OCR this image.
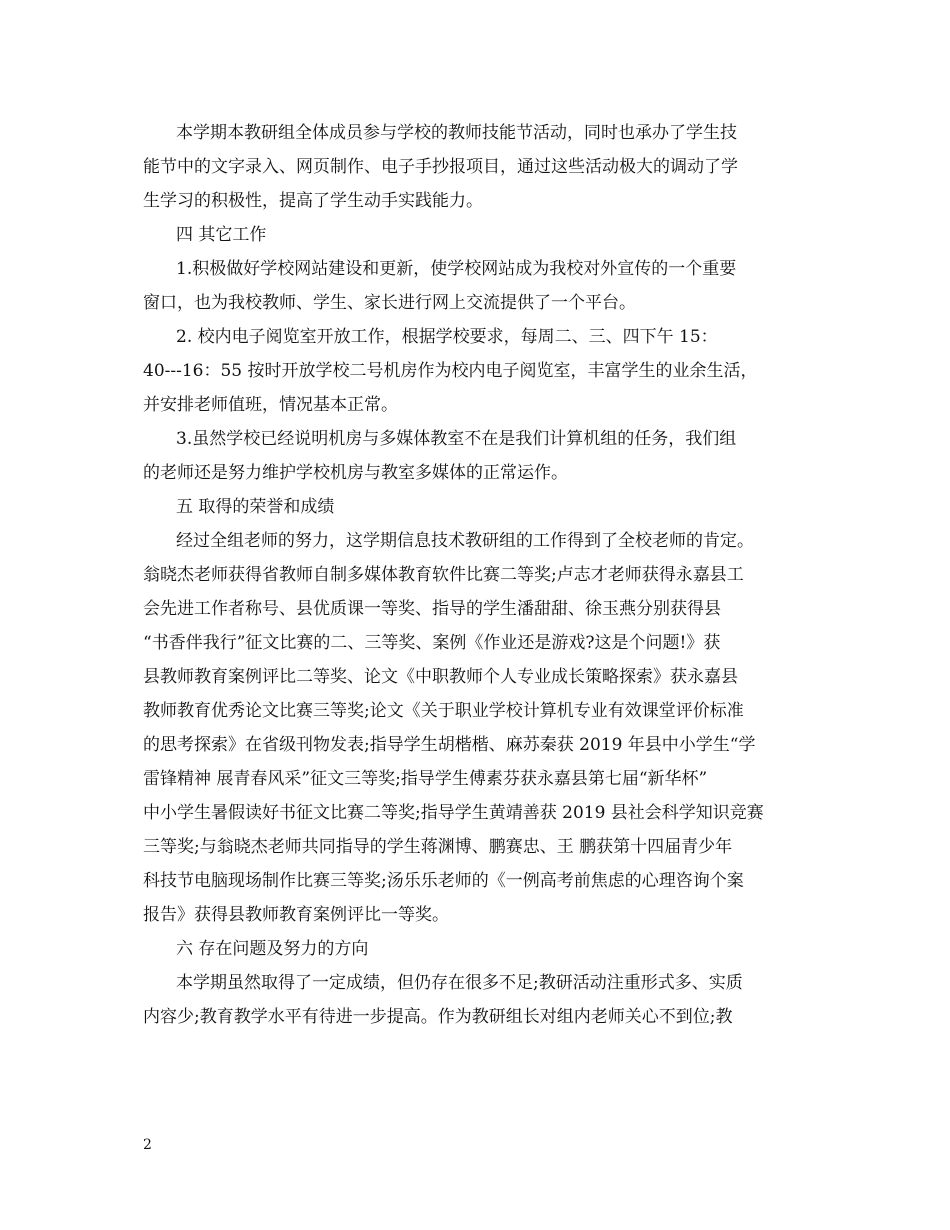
本学期本教研组全体成员参与学校的教师技能节活动，同时也承办了学生技
能节中的文字录入、网页制作、电子手抄报项目，通过这些活动极大的调动了学
生学习的积极性，提高了学生动手实践能力。
四 其它工作
1.积极做好学校网站建设和更新，使学校网站成为我校对外宣传的一个重要
窗口，也为我校教师、学生、家长进行网上交流提供了一个平台。
2. 校内电子阅览室开放工作，根据学校要求，每周二、三、四下午 15：
40---16：55 按时开放学校二号机房作为校内电子阅览室，丰富学生的业余生活，
并安排老师值班，情况基本正常。
3.虽然学校已经说明机房与多媒体教室不在是我们计算机组的任务，我们组
的老师还是努力维护学校机房与教室多媒体的正常运作。
五 取得的荣誉和成绩
经过全组老师的努力，这学期信息技术教研组的工作得到了全校老师的肯定。
翁晓杰老师获得省教师自制多媒体教育软件比赛二等奖;卢志才老师获得永嘉县工
会先进工作者称号、县优质课一等奖、指导的学生潘甜甜、徐玉燕分别获得县
“书香伴我行”征文比赛的二、三等奖、案例《作业还是游戏?这是个问题!》获
县教师教育案例评比二等奖、论文《中职教师个人专业成长策略探索》获永嘉县
教师教育优秀论文比赛三等奖;论文《关于职业学校计算机专业有效课堂评价标准
的思考探索》在省级刊物发表;指导学生胡楷楷、麻苏秦获 2019 年县中小学生“学
雷锋精神 展青春风采”征文三等奖;指导学生傅素芬获永嘉县第七届“新华杯”
中小学生暑假读好书征文比赛二等奖;指导学生黄靖善获 2019 县社会科学知识竞赛
三等奖;与翁晓杰老师共同指导的学生蒋渊博、鹏赛忠、王 鹏获第十四届青少年
科技节电脑现场制作比赛三等奖;汤乐乐老师的《一例高考前焦虑的心理咨询个案
报告》获得县教师教育案例评比一等奖。
六 存在问题及努力的方向
本学期虽然取得了一定成绩，但仍存在很多不足;教研活动注重形式多、实质
内容少;教育教学水平有待进一步提高。作为教研组长对组内老师关心不到位;教
2
